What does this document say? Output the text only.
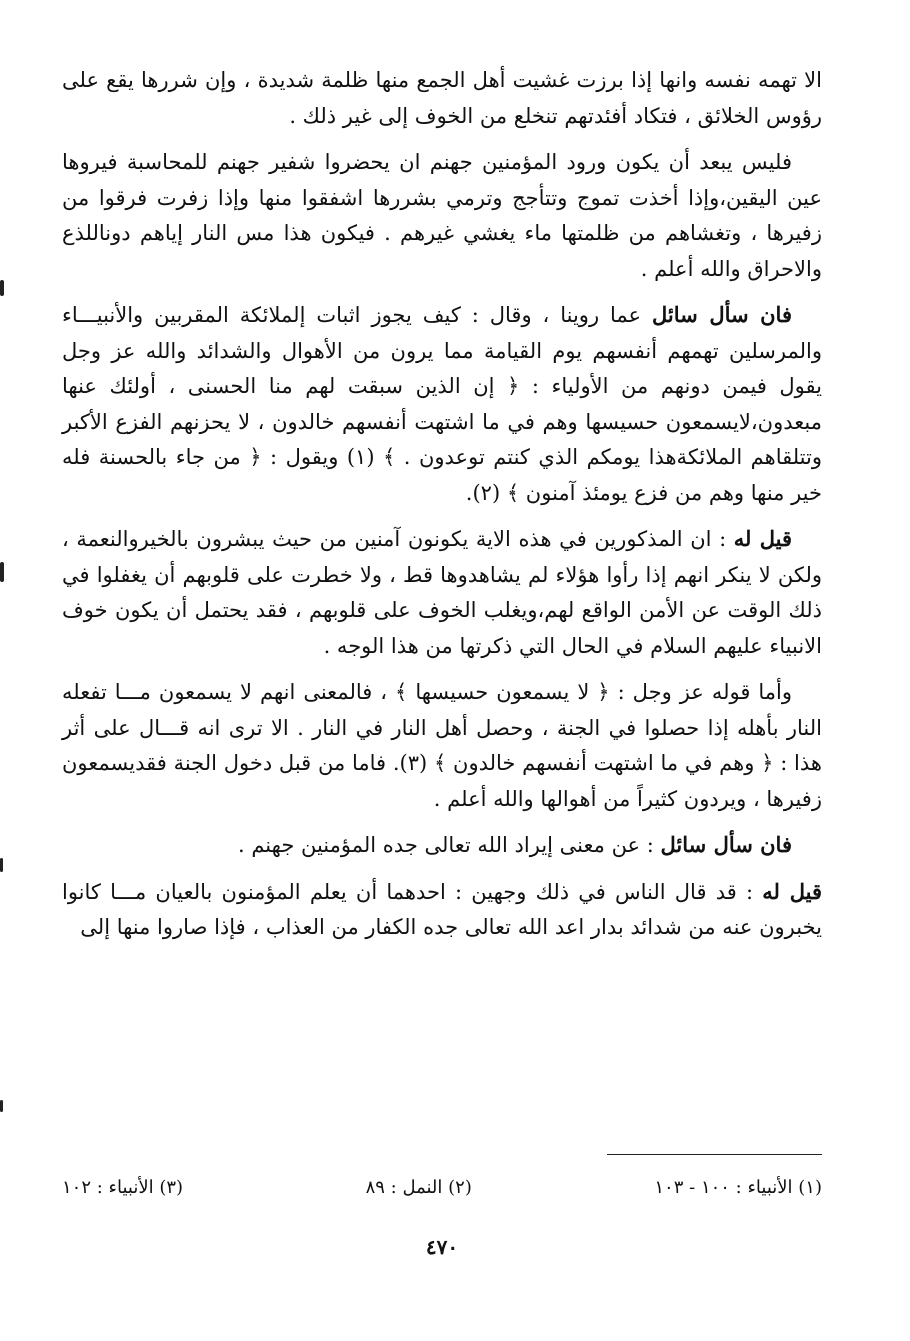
الا تهمه نفسه وانها إذا برزت غشيت أهل الجمع منها ظلمة شديدة ، وإن شررها يقع على رؤوس الخلائق ، فتكاد أفئدتهم تنخلع من الخوف إلى غير ذلك .

فليس يبعد أن يكون ورود المؤمنين جهنم ان يحضروا شفير جهنم للمحاسبة فيروها عين اليقين،وإذا أخذت تموج وتتأجج وترمي بشررها اشفقوا منها وإذا زفرت فرقوا من زفيرها ، وتغشاهم من ظلمتها ماء يغشي غيرهم . فيكون هذا مس النار إياهم دوناللذع والاحراق والله أعلم .

فان سأل سائل عما روينا ، وقال : كيف يجوز اثبات إلملائكة المقربين والأنبيـــاء والمرسلين تهمهم أنفسهم يوم القيامة مما يرون من الأهوال والشدائد والله عز وجل يقول فيمن دونهم من الأولياء : ﴿ إن الذين سبقت لهم منا الحسنى ، أولئك عنها مبعدون،لايسمعون حسيسها وهم في ما اشتهت أنفسهم خالدون ، لا يحزنهم الفزع الأكبر وتتلقاهم الملائكةهذا يومكم الذي كنتم توعدون . ﴾ (١) ويقول : ﴿ من جاء بالحسنة فله خير منها وهم من فزع يومئذ آمنون ﴾ (٢).

قيل له : ان المذكورين في هذه الاية يكونون آمنين من حيث يبشرون بالخيروالنعمة ، ولكن لا ينكر انهم إذا رأوا هؤلاء لم يشاهدوها قط ، ولا خطرت على قلوبهم أن يغفلوا في ذلك الوقت عن الأمن الواقع لهم،ويغلب الخوف على قلوبهم ، فقد يحتمل أن يكون خوف الانبياء عليهم السلام في الحال التي ذكرتها من هذا الوجه .

وأما قوله عز وجل : ﴿ لا يسمعون حسيسها ﴾ ، فالمعنى انهم لا يسمعون مـــا تفعله النار بأهله إذا حصلوا في الجنة ، وحصل أهل النار في النار . الا ترى انه قـــال على أثر هذا : ﴿ وهم في ما اشتهت أنفسهم خالدون ﴾ (٣). فاما من قبل دخول الجنة فقديسمعون زفيرها ، ويردون كثيراً من أهوالها والله أعلم .

فان سأل سائل : عن معنى إيراد الله تعالى جده المؤمنين جهنم .

قيل له : قد قال الناس في ذلك وجهين : احدهما أن يعلم المؤمنون بالعيان مـــا كانوا يخبرون عنه من شدائد بدار اعد الله تعالى جده الكفار من العذاب ، فإذا صاروا منها إلى

(١) الأنبياء : ١٠٠ - ١٠٣
(٢) النمل : ٨٩
(٣) الأنبياء : ١٠٢
٤٧٠
